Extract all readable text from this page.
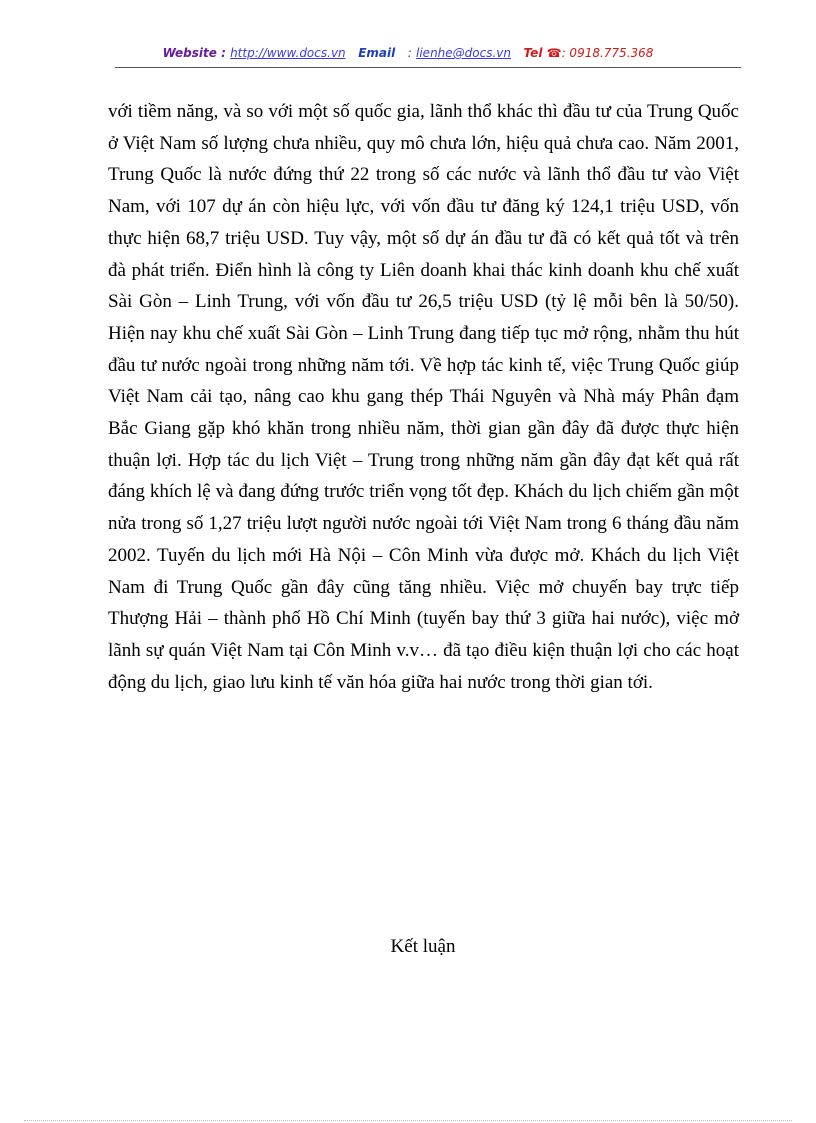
Website : http://www.docs.vn Email : lienhe@docs.vn Tel ☎: 0918.775.368

với tiềm năng, và so với một số quốc gia, lãnh thổ khác thì đầu tư của Trung Quốc ở Việt Nam số lượng chưa nhiều, quy mô chưa lớn, hiệu quả chưa cao. Năm 2001, Trung Quốc là nước đứng thứ 22 trong số các nước và lãnh thổ đầu tư vào Việt Nam, với 107 dự án còn hiệu lực, với vốn đầu tư đăng ký 124,1 triệu USD, vốn thực hiện 68,7 triệu USD. Tuy vậy, một số dự án đầu tư đã có kết quả tốt và trên đà phát triển. Điển hình là công ty Liên doanh khai thác kinh doanh khu chế xuất Sài Gòn – Linh Trung, với vốn đầu tư 26,5 triệu USD (tỷ lệ mỗi bên là 50/50). Hiện nay khu chế xuất Sài Gòn – Linh Trung đang tiếp tục mở rộng, nhằm thu hút đầu tư nước ngoài trong những năm tới. Về hợp tác kinh tế, việc Trung Quốc giúp Việt Nam cải tạo, nâng cao khu gang thép Thái Nguyên và Nhà máy Phân đạm Bắc Giang gặp khó khăn trong nhiều năm, thời gian gần đây đã được thực hiện thuận lợi. Hợp tác du lịch Việt – Trung trong những năm gần đây đạt kết quả rất đáng khích lệ và đang đứng trước triển vọng tốt đẹp. Khách du lịch chiếm gần một nửa trong số 1,27 triệu lượt người nước ngoài tới Việt Nam trong 6 tháng đầu năm 2002. Tuyến du lịch mới Hà Nội – Côn Minh vừa được mở. Khách du lịch Việt Nam đi Trung Quốc gần đây cũng tăng nhiều. Việc mở chuyến bay trực tiếp Thượng Hải – thành phố Hồ Chí Minh (tuyến bay thứ 3 giữa hai nước), việc mở lãnh sự quán Việt Nam tại Côn Minh v.v… đã tạo điều kiện thuận lợi cho các hoạt động du lịch, giao lưu kinh tế văn hóa giữa hai nước trong thời gian tới.

Kết luận
